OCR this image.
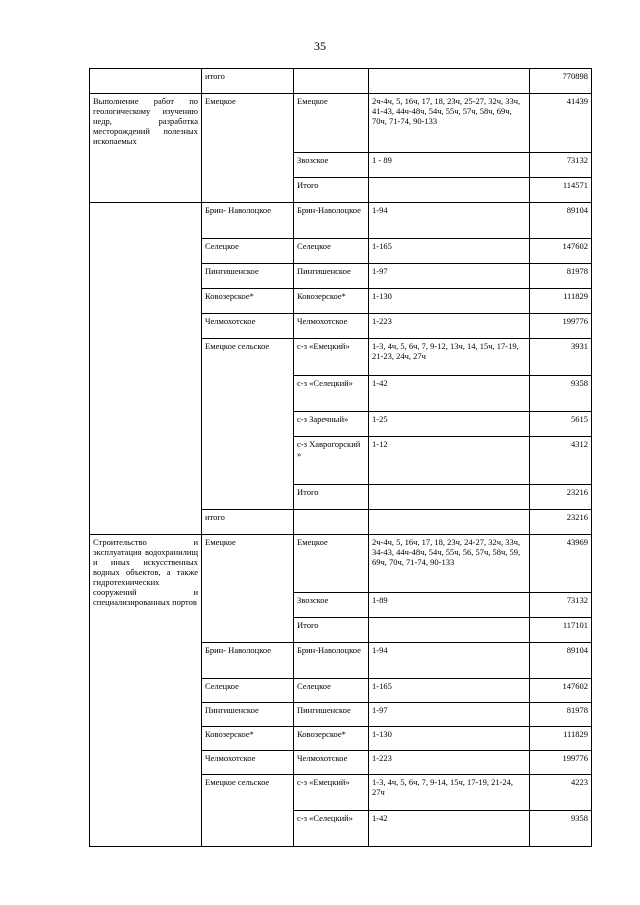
35
	итого			770898
Выполнение работ по геологическому изучению недр, разработка месторождений полезных ископаемых	Емецкое	Емецкое	2ч-4ч, 5, 16ч, 17, 18, 23ч, 25-27, 32ч, 33ч, 41-43, 44ч-48ч, 54ч, 55ч, 57ч, 58ч, 69ч, 70ч, 71-74, 90-133	41439
		Звозское	1 - 89	73132
		Итого		114571
	Брин- Наволоцкое	Брин-Наволоцкое	1-94	89104
	Селецкое	Селецкое	1-165	147602
	Пингишенское	Пингишенское	1-97	81978
	Ковозерское*	Ковозерское*	1-130	111829
	Челмохотское	Челмохотское	1-223	199776
	Емецкое сельское	с-з «Емецкий»	1-3, 4ч, 5, 6ч, 7, 9-12, 13ч, 14, 15ч, 17-19, 21-23, 24ч, 27ч	3931
		с-з «Селецкий»	1-42	9358
		с-з Заречный»	1-25	5615
		с-з Хаврогорский »	1-12	4312
		Итого		23216
	итого			23216
Строительство и эксплуатация водохранилищ и иных искусственных водных объектов, а также гидротехнических сооружений и специализированных портов	Емецкое	Емецкое	2ч-4ч, 5, 16ч, 17, 18, 23ч, 24-27, 32ч, 33ч, 34-43, 44ч-48ч, 54ч, 55ч, 56, 57ч, 58ч, 59, 69ч, 70ч, 71-74, 90-133	43969
		Звозское	1-89	73132
		Итого		117101
	Брин- Наволоцкое	Брин-Наволоцкое	1-94	89104
	Селецкое	Селецкое	1-165	147602
	Пингишенское	Пингишенское	1-97	81978
	Ковозерское*	Ковозерское*	1-130	111829
	Челмохотское	Челмохотское	1-223	199776
	Емецкое сельское	с-з «Емецкий»	1-3, 4ч, 5, 6ч, 7, 9-14, 15ч, 17-19, 21-24, 27ч	4223
		с-з «Селецкий»	1-42	9358
